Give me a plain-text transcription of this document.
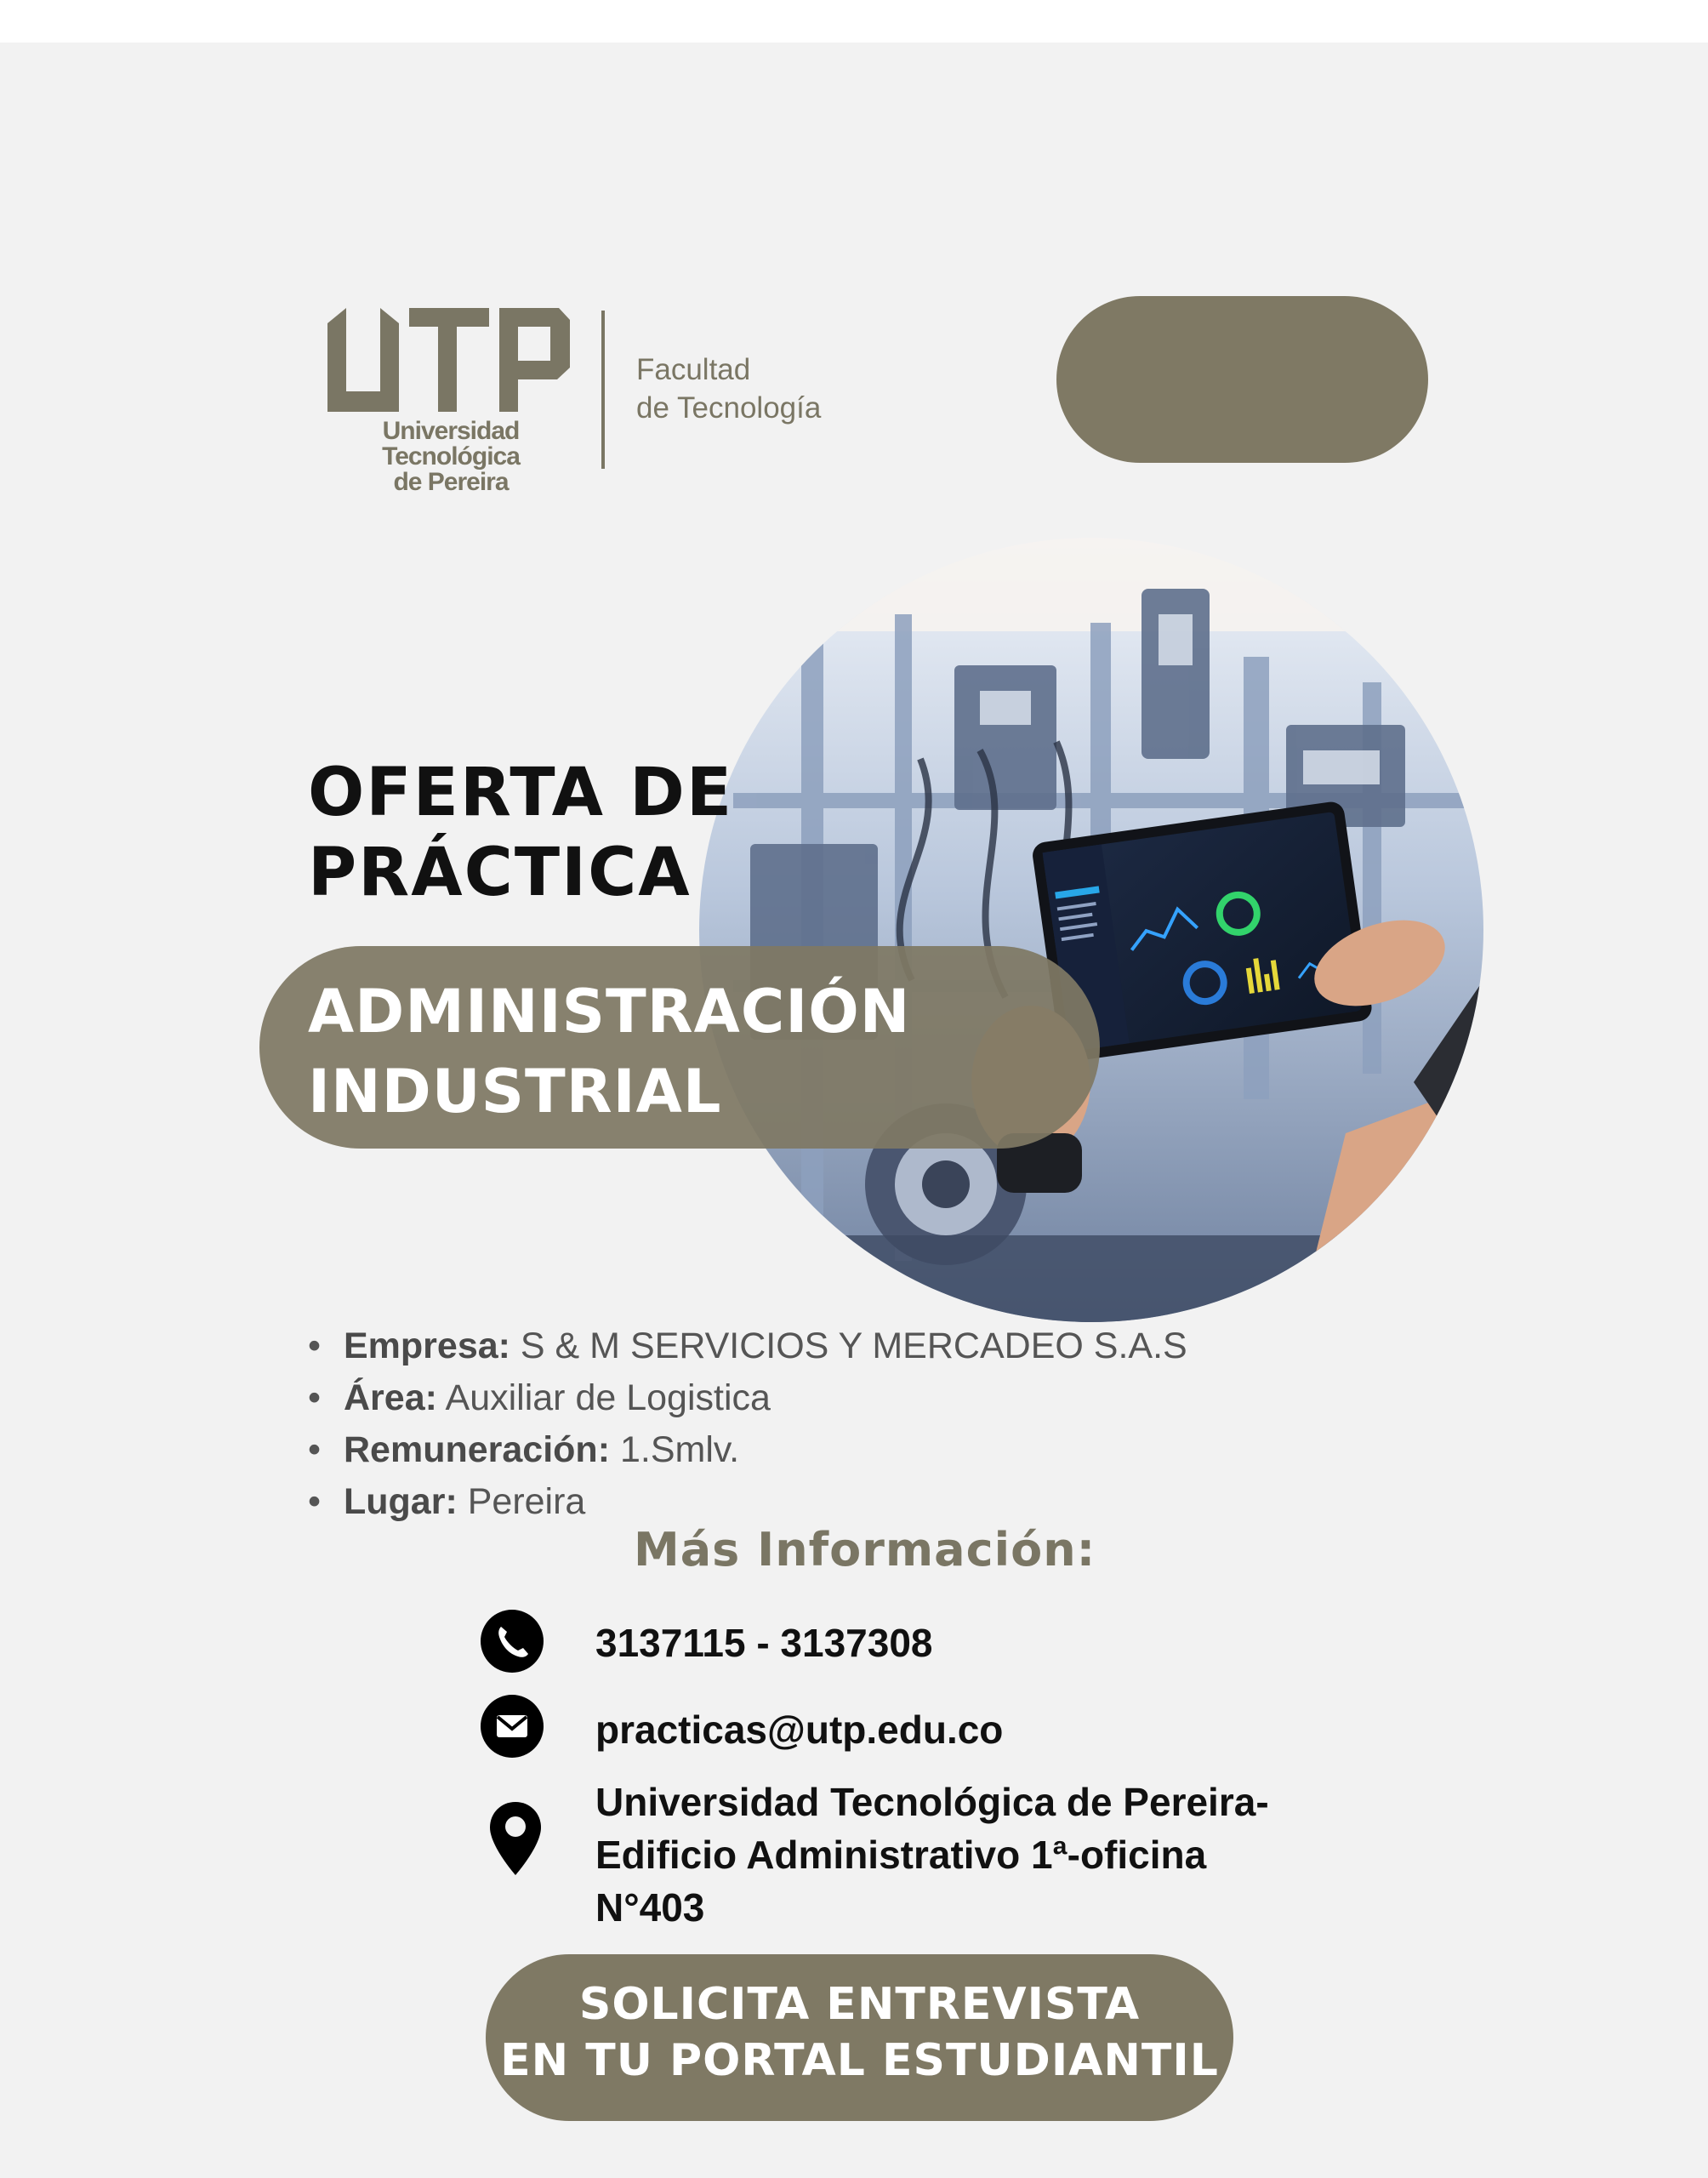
Universidad Tecnológica
de Pereira
Facultad
de Tecnología
OFERTA DE
PRÁCTICA
ADMINISTRACIÓN
INDUSTRIAL
• Empresa: S & M SERVICIOS Y MERCADEO S.A.S
• Área: Auxiliar de Logistica
• Remuneración: 1.Smlv.
• Lugar: Pereira
Más Información:
3137115 - 3137308
practicas@utp.edu.co
Universidad Tecnológica de Pereira-
Edificio Administrativo 1ª-oficina
N°403
SOLICITA ENTREVISTA
EN TU PORTAL ESTUDIANTIL
